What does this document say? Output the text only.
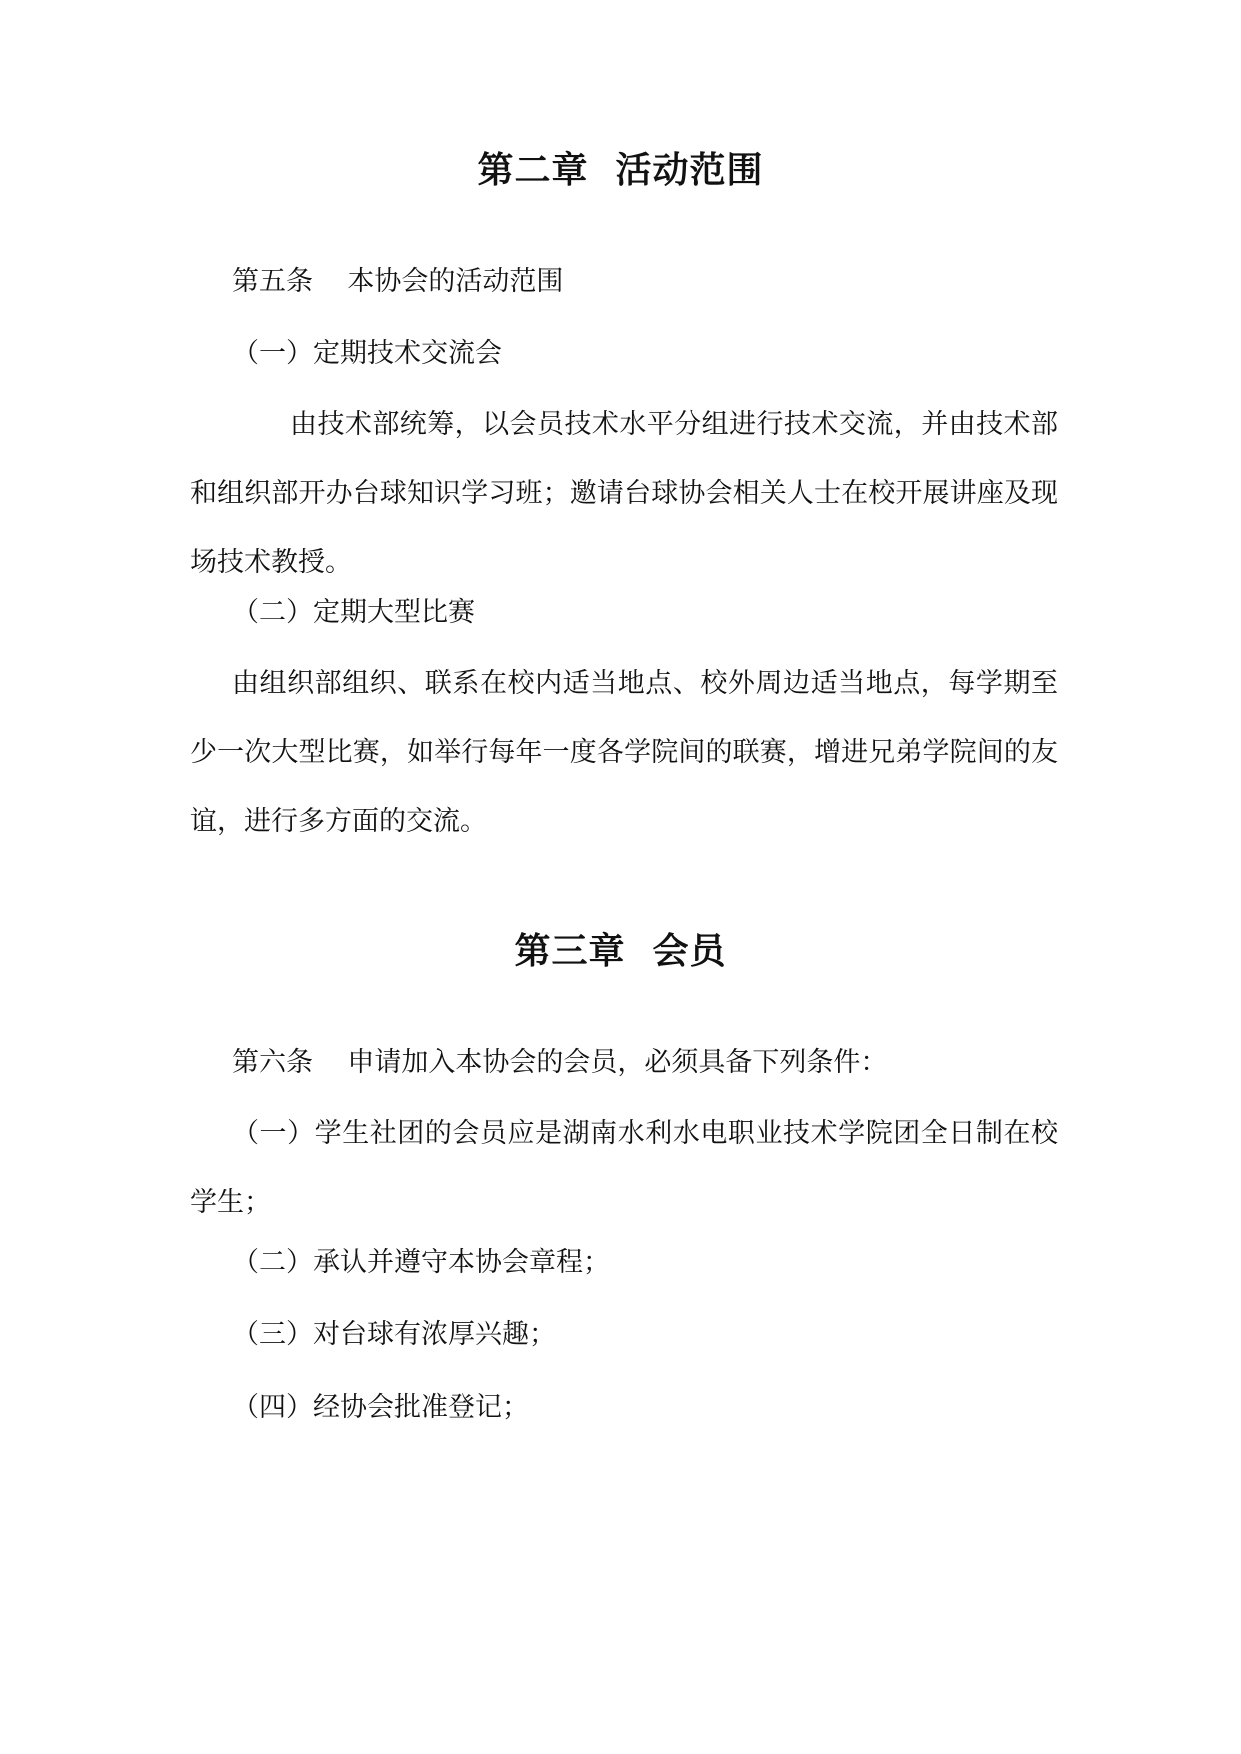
第二章  活动范围
第五条    本协会的活动范围
（一）定期技术交流会

由技术部统筹，以会员技术水平分组进行技术交流，并由技术部和组织部开办台球知识学习班；邀请台球协会相关人士在校开展讲座及现场技术教授。

（二）定期大型比赛

由组织部组织、联系在校内适当地点、校外周边适当地点，每学期至少一次大型比赛，如举行每年一度各学院间的联赛，增进兄弟学院间的友谊，进行多方面的交流。

第三章  会员
第六条    申请加入本协会的会员，必须具备下列条件：

（一）学生社团的会员应是湖南水利水电职业技术学院团全日制在校学生；

（二）承认并遵守本协会章程；
（三）对台球有浓厚兴趣；
（四）经协会批准登记；
